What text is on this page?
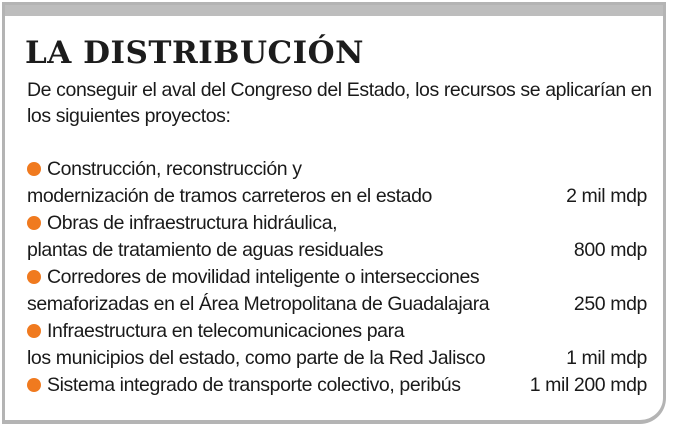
LA DISTRIBUCIÓN

De conseguir el aval del Congreso del Estado, los recursos se aplicarían en los siguientes proyectos:

Construcción, reconstrucción y
modernización de tramos carreteros en el estado	2 mil mdp
Obras de infraestructura hidráulica,
plantas de tratamiento de aguas residuales	800 mdp
Corredores de movilidad inteligente o intersecciones
semaforizadas en el Área Metropolitana de Guadalajara	250 mdp
Infraestructura en telecomunicaciones para
los municipios del estado, como parte de la Red Jalisco	1 mil mdp
Sistema integrado de transporte colectivo, peribús	1 mil 200 mdp
